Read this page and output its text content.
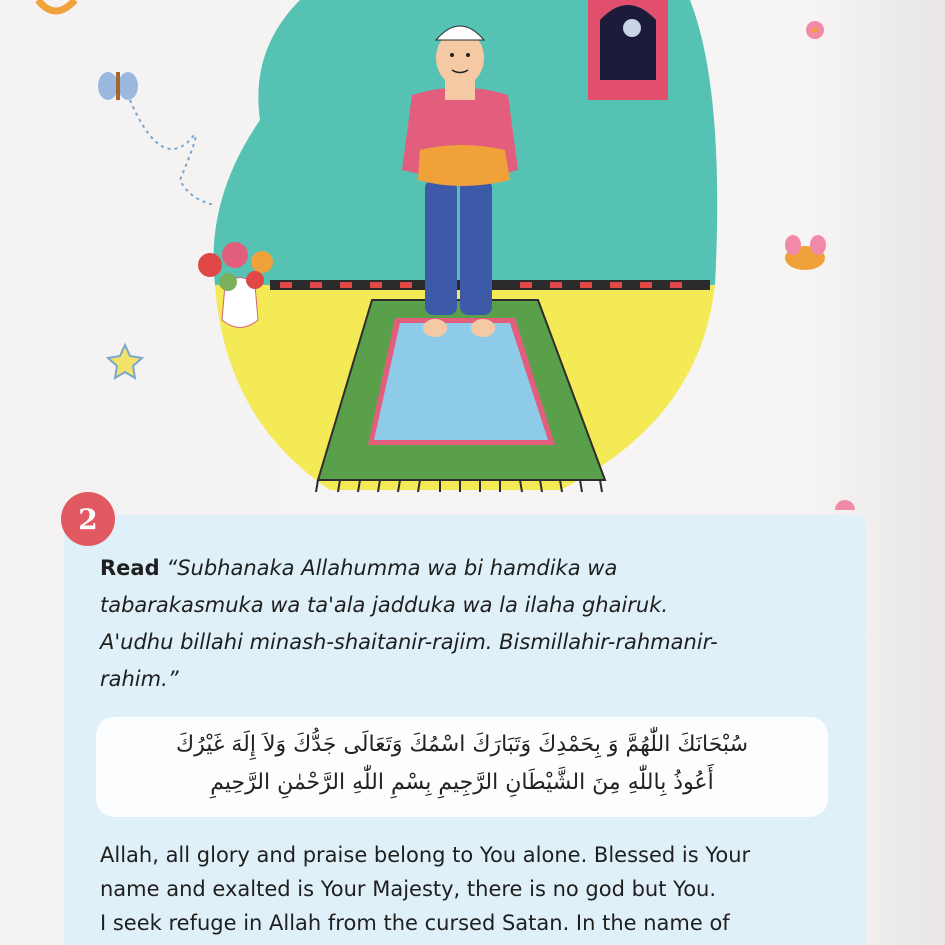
2
Read “Subhanaka Allahumma wa bi hamdika wa
tabarakasmuka wa ta'ala jadduka wa la ilaha ghairuk.
A'udhu billahi minash-shaitanir-rajim. Bismillahir-rahmanir-
rahim.”
سُبْحَانَكَ اللّٰهُمَّ وَ بِحَمْدِكَ وَتَبَارَكَ اسْمُكَ وَتَعَالَى جَدُّكَ وَلاَ إِلَهَ غَيْرُكَ
أَعُوذُ بِاللّٰهِ مِنَ الشَّيْطَانِ الرَّجِيمِ بِسْمِ اللّٰهِ الرَّحْمٰنِ الرَّحِيمِ
Allah, all glory and praise belong to You alone. Blessed is Your
name and exalted is Your Majesty, there is no god but You.
I seek refuge in Allah from the cursed Satan. In the name of
